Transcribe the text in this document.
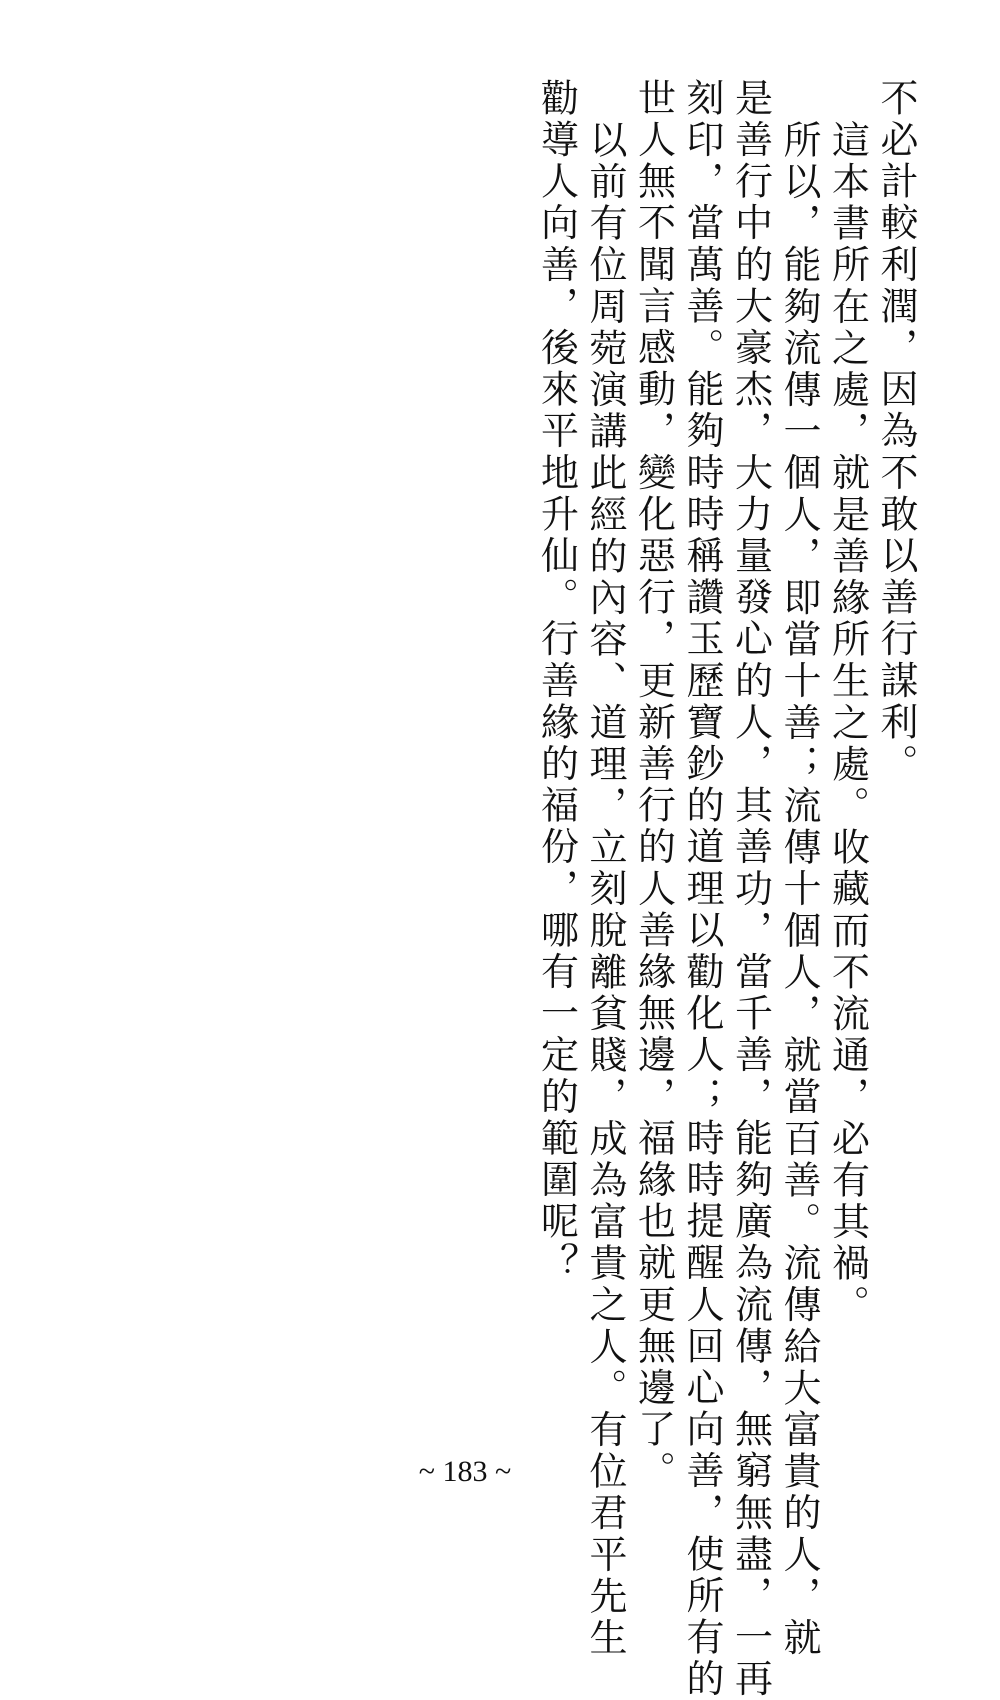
不必計較利潤，因為不敢以善行謀利。

這本書所在之處，就是善緣所生之處。收藏而不流通，必有其禍。

所以，能夠流傳一個人，即當十善；流傳十個人，就當百善。流傳給大富貴的人，就

是善行中的大豪杰，大力量發心的人，其善功，當千善，能夠廣為流傳，無窮無盡，一再

刻印，當萬善。能夠時時稱讚玉歷寶鈔的道理以勸化人；時時提醒人回心向善，使所有的

世人無不聞言感動，變化惡行，更新善行的人善緣無邊，福緣也就更無邊了。

以前有位周菀演講此經的內容、道理，立刻脫離貧賤，成為富貴之人。有位君平先生

勸導人向善，後來平地升仙。行善緣的福份，哪有一定的範圍呢？

~ 183 ~
